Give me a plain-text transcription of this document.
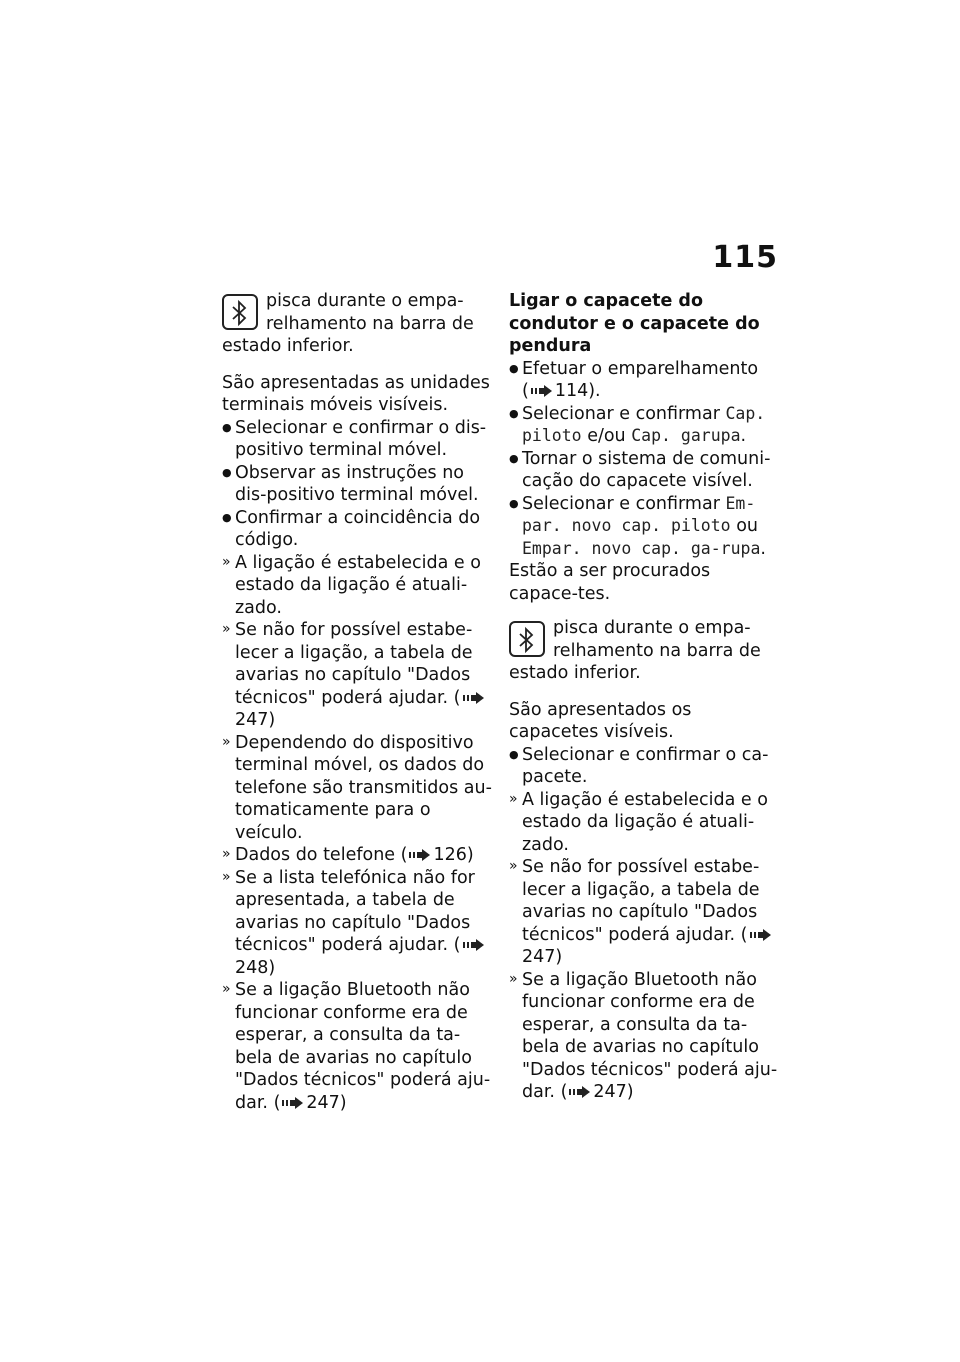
115
pisca durante o empa-
relhamento na barra de
estado inferior.

São apresentadas as unidades terminais móveis visíveis.

● Selecionar e confirmar o dis-positivo terminal móvel.
● Observar as instruções no dis-positivo terminal móvel.
● Confirmar a coincidência do código.
» A ligação é estabelecida e o estado da ligação é atuali-zado.
» Se não for possível estabe-lecer a ligação, a tabela de avarias no capítulo "Dados técnicos" poderá ajudar. (
247)
» Dependendo do dispositivo terminal móvel, os dados do telefone são transmitidos au-tomaticamente para o veículo.
» Dados do telefone ( 126)
» Se a lista telefónica não for apresentada, a tabela de avarias no capítulo "Dados técnicos" poderá ajudar. (
248)
» Se a ligação Bluetooth não funcionar conforme era de esperar, a consulta da ta-bela de avarias no capítulo "Dados técnicos" poderá aju-dar. ( 247)

Ligar o capacete do condutor e o capacete do pendura

● Efetuar o emparelhamento
( 114).
● Selecionar e confirmar Cap. piloto e/ou Cap. garupa.
● Tornar o sistema de comuni-cação do capacete visível.
● Selecionar e confirmar Em-par. novo cap. piloto ou Empar. novo cap. ga-rupa.

Estão a ser procurados capace-tes.

pisca durante o empa-
relhamento na barra de
estado inferior.

São apresentados os capacetes visíveis.

● Selecionar e confirmar o ca-pacete.
» A ligação é estabelecida e o estado da ligação é atuali-zado.
» Se não for possível estabe-lecer a ligação, a tabela de avarias no capítulo "Dados técnicos" poderá ajudar. (
247)
» Se a ligação Bluetooth não funcionar conforme era de esperar, a consulta da ta-bela de avarias no capítulo "Dados técnicos" poderá aju-dar. ( 247)
